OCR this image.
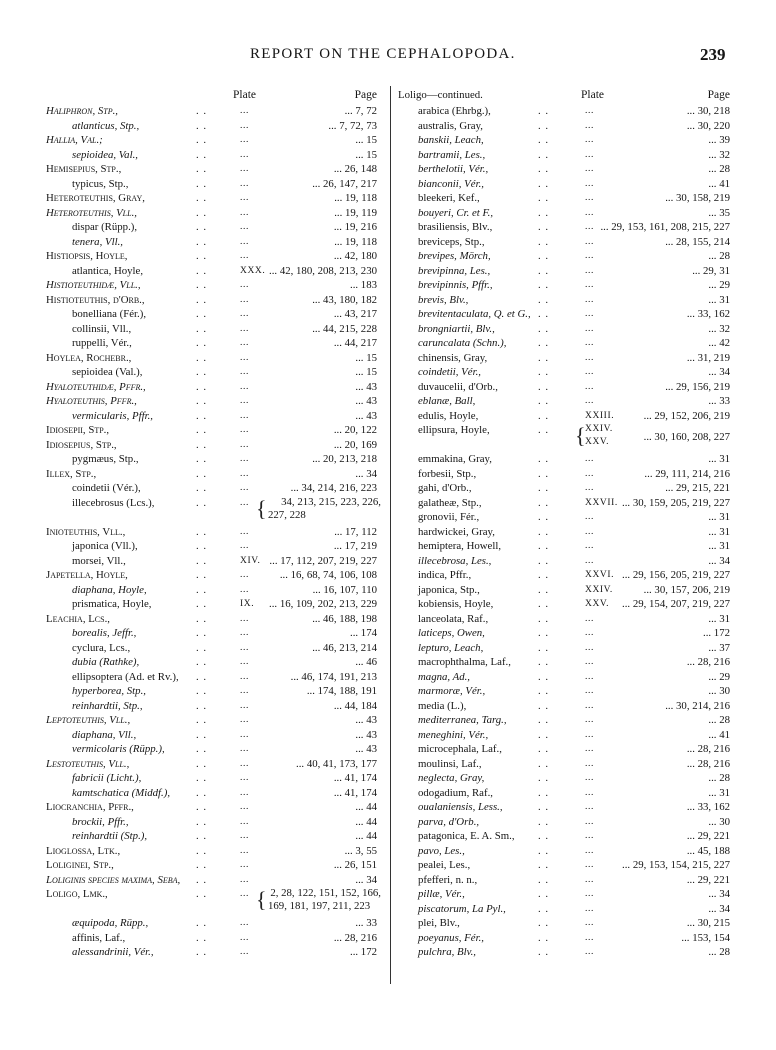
REPORT ON THE CEPHALOPODA.	239
Plate	Page
Haliphron, Stp.,	. .	...	... 7, 72
atlanticus, Stp.,	. .	...	... 7, 72, 73
Hallia, Val.;	. .	...	... 15
sepioidea, Val.,	. .	...	... 15
Hemisepius, Stp.,	. .	...	... 26, 148
typicus, Stp.,	. .	...	... 26, 147, 217
Heteroteuthis, Gray,	. .	...	... 19, 118
Heteroteuthis, Vll.,	. .	...	... 19, 119
dispar (Rüpp.),	. .	...	... 19, 216
tenera, Vll.,	. .	...	... 19, 118
Histiopsis, Hoyle,	. .	...	... 42, 180
atlantica, Hoyle,	. .	XXX. ... 42, 180, 208, 213, 230
Histioteuthidæ, Vll.,	. .	...	... 183
Histioteuthis, d'Orb.,	. .	...	... 43, 180, 182
bonelliana (Fér.),	. .	...	... 43, 217
collinsii, Vll.,	. .	...	... 44, 215, 228
ruppelli, Vér.,	. .	...	... 44, 217
Hoylea, Rochebr.,	. .	...	... 15
sepioidea (Val.),	. .	...	... 15
Hyaloteuthidæ, Pffr.,	. .	...	... 43
Hyaloteuthis, Pffr.,	. .	...	... 43
vermicularis, Pffr.,	. .	...	... 43
Idiosepii, Stp.,	. .	...	... 20, 122
Idiosepius, Stp.,	. .	...	... 20, 169
pygmæus, Stp.,	. .	...	... 20, 213, 218
Illex, Stp.,	. .	...	... 34
coindetii (Vér.),	. .	...	... 34, 214, 216, 223
illecebrosus (Lcs.),	. .	... { 34, 213, 215, 223, 226,
227, 228
Inioteuthis, Vll.,	. .	...	... 17, 112
japonica (Vll.),	. .	...	... 17, 219
morsei, Vll.,	. .	XIV. ... 17, 112, 207, 219, 227
Japetella, Hoyle,	. .	...	... 16, 68, 74, 106, 108
diaphana, Hoyle,	. .	...	... 16, 107, 110
prismatica, Hoyle,	. .	IX. ... 16, 109, 202, 213, 229
Leachia, Lcs.,	. .	...	... 46, 188, 198
borealis, Jeffr.,	. .	...	... 174
cyclura, Lcs.,	. .	...	... 46, 213, 214
dubia (Rathke),	. .	...	... 46
ellipsoptera (Ad. et Rv.), . .	...	... 46, 174, 191, 213
hyperborea, Stp.,	. .	...	... 174, 188, 191
reinhardtii, Stp.,	. .	...	... 44, 184
Leptoteuthis, Vll.,	. .	...	... 43
diaphana, Vll.,	. .	...	... 43
vermicolaris (Rüpp.),	. .	...	... 43
Lestoteuthis, Vll.,	. .	...	... 40, 41, 173, 177
fabricii (Licht.),	. .	...	... 41, 174
kamtschatica (Middf.), . .	...	... 41, 174
Liocranchia, Pffr.,	. .	...	... 44
brockii, Pffr.,	. .	...	... 44
reinhardtii (Stp.),	. .	...	... 44
Lioglossa, Ltk.,	. .	...	... 3, 55
Loliginei, Stp.,	. .	...	... 26, 151
Loliginis species maxima, Seba, . .	...	... 34
Loligo, Lmk.,	. .	... { 2, 28, 122, 151, 152, 166,
169, 181, 197, 211, 223
æquipoda, Rüpp.,	. .	...	... 33
affinis, Laf.,	. .	...	... 28, 216
alessandrinii, Vér.,	. .	...	... 172
Loligo—continued.	Plate	Page
arabica (Ehrbg.),	. .	...	... 30, 218
australis, Gray,	. .	...	... 30, 220
banskii, Leach,	. .	...	... 39
bartramii, Les.,	. .	...	... 32
berthelotii, Vér.,	. .	...	... 28
bianconii, Vér.,	. .	...	... 41
bleekeri, Kef.,	. .	...	... 30, 158, 219
bouyeri, Cr. et F.,	. .	...	... 35
brasiliensis, Blv.,	. .	... ... 29, 153, 161, 208, 215, 227
breviceps, Stp.,	. .	...	... 28, 155, 214
brevipes, Mörch,	. .	...	... 28
brevipinna, Les.,	. .	...	... 29, 31
brevipinnis, Pffr.,	. .	...	... 29
brevis, Blv.,	. .	...	... 31
brevitentaculata, Q. et G., . .	...	... 33, 162
brongniartii, Blv.,	. .	...	... 32
caruncalata (Schn.),	. .	...	... 42
chinensis, Gray,	. .	...	... 31, 219
coindetii, Vér.,	. .	...	... 34
duvaucelii, d'Orb.,	. .	...	... 29, 156, 219
eblanæ, Ball,	. .	...	... 33
edulis, Hoyle,	. .	XXIII.	... 29, 152, 206, 219
ellipsura, Hoyle,	. . { XXIV.
XXV.	... 30, 160, 208, 227
emmakina, Gray,	. .	...	... 31
forbesii, Stp.,	. .	...	... 29, 111, 214, 216
gahi, d'Orb.,	. .	...	... 29, 215, 221
galatheæ, Stp.,	. .	XXVII. ... 30, 159, 205, 219, 227
gronovii, Fér.,	. .	...	... 31
hardwickei, Gray,	. .	...	... 31
hemiptera, Howell,	. .	...	... 31
illecebrosa, Les.,	. .	...	... 34
indica, Pffr.,	. .	XXVI. ... 29, 156, 205, 219, 227
japonica, Stp.,	. .	XXIV.	... 30, 157, 206, 219
kobiensis, Hoyle,	. .	XXV. ... 29, 154, 207, 219, 227
lanceolata, Raf.,	. .	...	... 31
laticeps, Owen,	. .	...	... 172
lepturo, Leach,	. .	...	... 37
macrophthalma, Laf.,	. .	...	... 28, 216
magna, Ad.,	. .	...	... 29
marmoræ, Vér.,	. .	...	... 30
media (L.),	. .	...	... 30, 214, 216
mediterranea, Targ.,	. .	...	... 28
meneghini, Vér.,	. .	...	... 41
microcephala, Laf.,	. .	...	... 28, 216
moulinsi, Laf.,	. .	...	... 28, 216
neglecta, Gray,	. .	...	... 28
odogadium, Raf.,	. .	...	... 31
oualaniensis, Less.,	. .	...	... 33, 162
parva, d'Orb.,	. .	...	... 30
patagonica, E. A. Sm., . .	...	... 29, 221
pavo, Les.,	. .	...	... 45, 188
pealei, Les.,	. .	...	... 29, 153, 154, 215, 227
pfefferi, n. n.,	. .	...	... 29, 221
pillæ, Vér.,	. .	...	... 34
piscatorum, La Pyl.,	. .	...	... 34
plei, Blv.,	. .	...	... 30, 215
poeyanus, Fér.,	. .	...	... 153, 154
pulchra, Blv.,	. .	...	... 28
